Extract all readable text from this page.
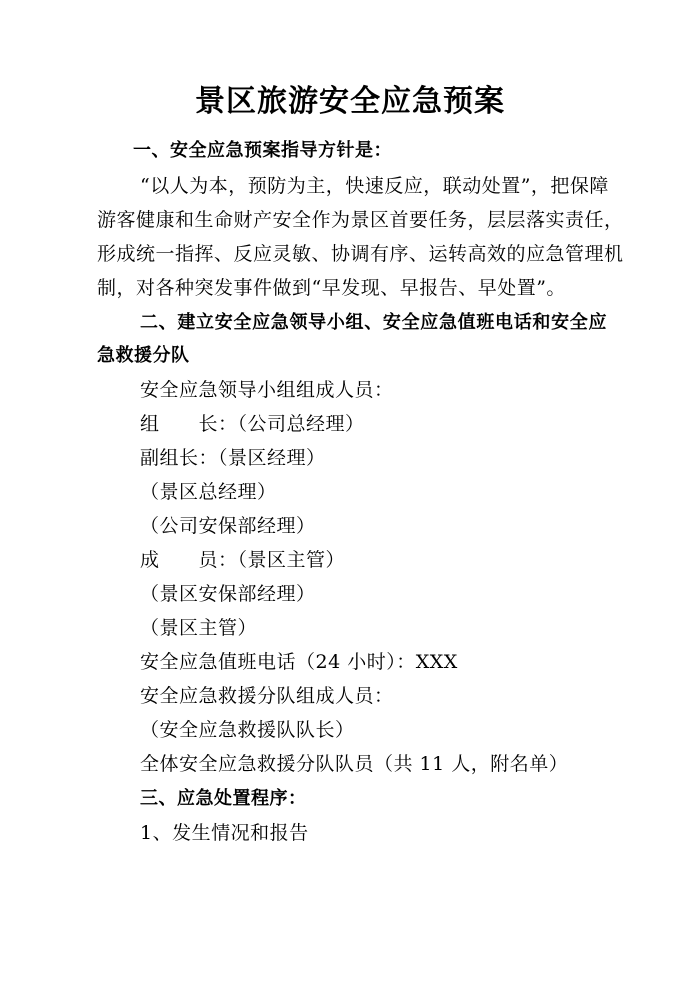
景区旅游安全应急预案
一、安全应急预案指导方针是：
“以人为本，预防为主，快速反应，联动处置”，把保障
游客健康和生命财产安全作为景区首要任务，层层落实责任，
形成统一指挥、反应灵敏、协调有序、运转高效的应急管理机
制，对各种突发事件做到“早发现、早报告、早处置”。
二、建立安全应急领导小组、安全应急值班电话和安全应
急救援分队
安全应急领导小组组成人员：
组　　长：（公司总经理）
副组长：（景区经理）
（景区总经理）
（公司安保部经理）
成　　员：（景区主管）
（景区安保部经理）
（景区主管）
安全应急值班电话（24 小时）：XXX
安全应急救援分队组成人员：
（安全应急救援队队长）
全体安全应急救援分队队员（共 11 人，附名单）
三、应急处置程序：
1、发生情况和报告
